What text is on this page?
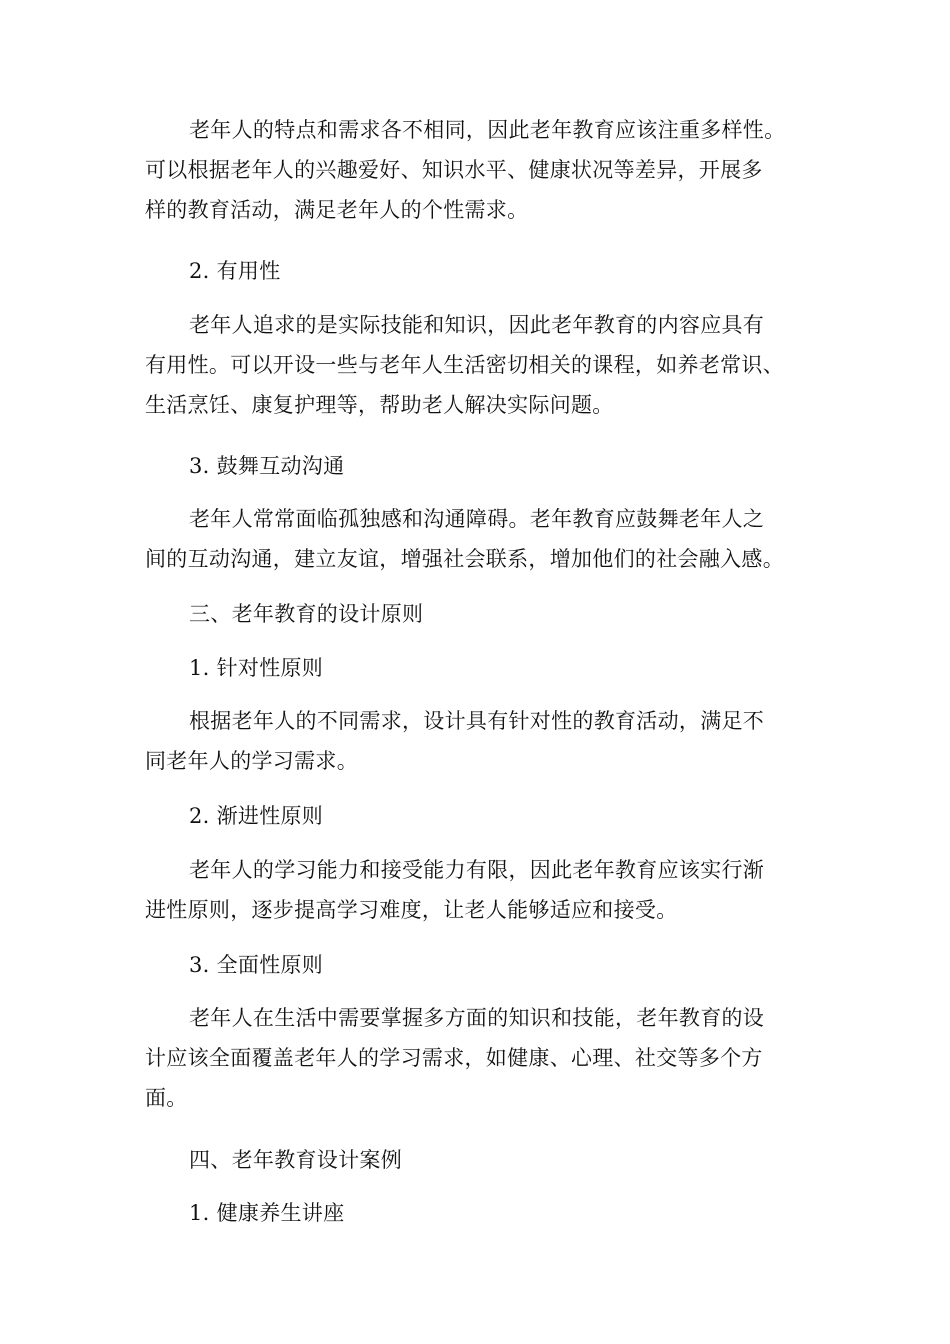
老年人的特点和需求各不相同，因此老年教育应该注重多样性。
可以根据老年人的兴趣爱好、知识水平、健康状况等差异，开展多
样的教育活动，满足老年人的个性需求。
2. 有用性
老年人追求的是实际技能和知识，因此老年教育的内容应具有
有用性。可以开设一些与老年人生活密切相关的课程，如养老常识、
生活烹饪、康复护理等，帮助老人解决实际问题。
3. 鼓舞互动沟通
老年人常常面临孤独感和沟通障碍。老年教育应鼓舞老年人之
间的互动沟通，建立友谊，增强社会联系，增加他们的社会融入感。
三、老年教育的设计原则
1. 针对性原则
根据老年人的不同需求，设计具有针对性的教育活动，满足不
同老年人的学习需求。
2. 渐进性原则
老年人的学习能力和接受能力有限，因此老年教育应该实行渐
进性原则，逐步提高学习难度，让老人能够适应和接受。
3. 全面性原则
老年人在生活中需要掌握多方面的知识和技能，老年教育的设
计应该全面覆盖老年人的学习需求，如健康、心理、社交等多个方
面。
四、老年教育设计案例
1. 健康养生讲座
